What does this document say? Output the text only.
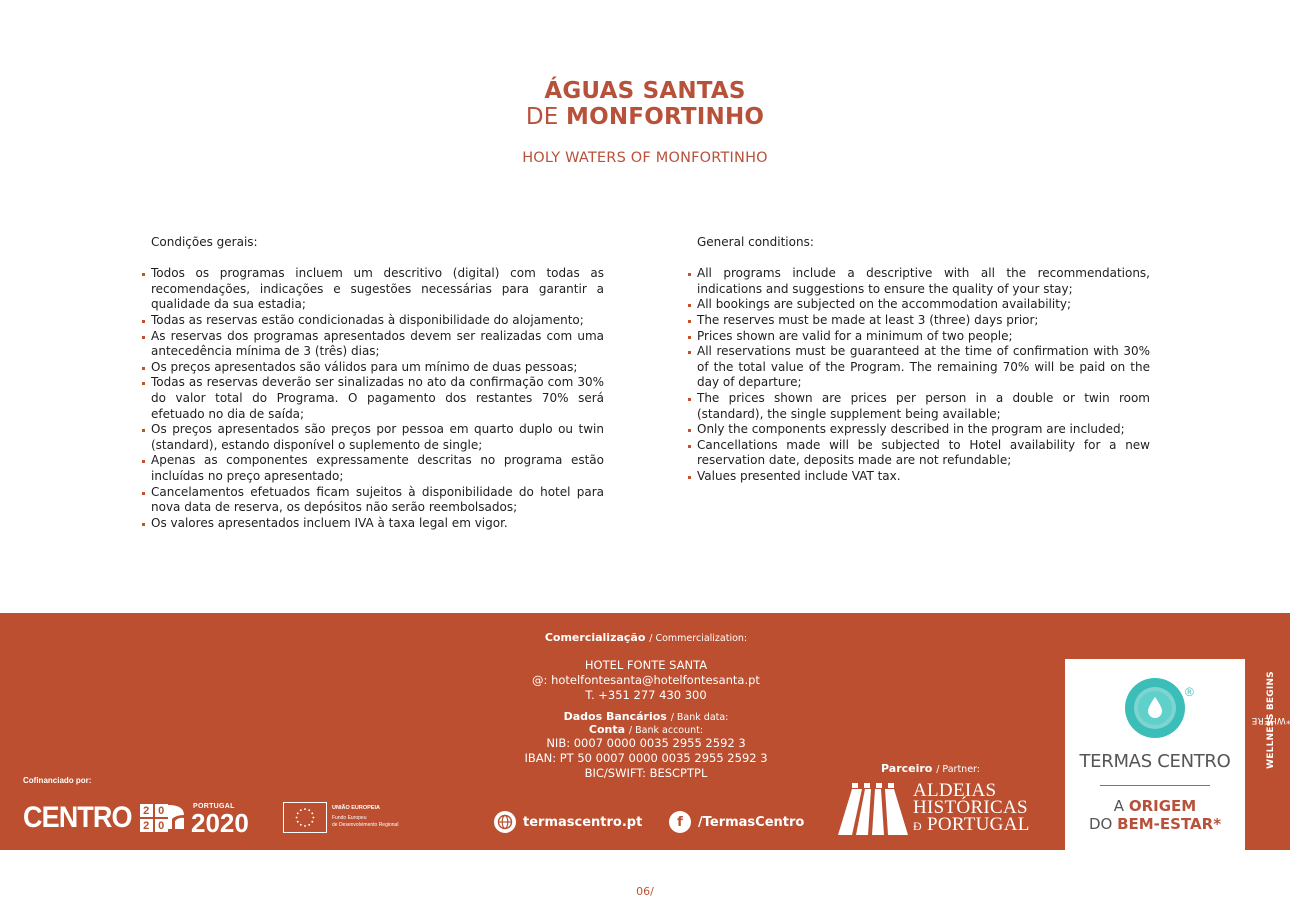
ÁGUAS SANTAS
DE MONFORTINHO
HOLY WATERS OF MONFORTINHO
Condições gerais:
Todos os programas incluem um descritivo (digital) com todas as recomendações, indicações e sugestões necessárias para garantir a qualidade da sua estadia;
Todas as reservas estão condicionadas à disponibilidade do alojamento;
As reservas dos programas apresentados devem ser realizadas com uma antecedência mínima de 3 (três) dias;
Os preços apresentados são válidos para um mínimo de duas pessoas;
Todas as reservas deverão ser sinalizadas no ato da confirmação com 30% do valor total do Programa. O pagamento dos restantes 70% será efetuado no dia de saída;
Os preços apresentados são preços por pessoa em quarto duplo ou twin (standard), estando disponível o suplemento de single;
Apenas as componentes expressamente descritas no programa estão incluídas no preço apresentado;
Cancelamentos efetuados ficam sujeitos à disponibilidade do hotel para nova data de reserva, os depósitos não serão reembolsados;
Os valores apresentados incluem IVA à taxa legal em vigor.
General conditions:
All programs include a descriptive with all the recommendations, indications and suggestions to ensure the quality of your stay;
All bookings are subjected on the accommodation availability;
The reserves must be made at least 3 (three) days prior;
Prices shown are valid for a minimum of two people;
All reservations must be guaranteed at the time of confirmation with 30% of the total value of the Program. The remaining 70% will be paid on the day of departure;
The prices shown are prices per person in a double or twin room (standard), the single supplement being available;
Only the components expressly described in the program are included;
Cancellations made will be subjected to Hotel availability for a new reservation date, deposits made are not refundable;
Values presented include VAT tax.
Comercialização / Commercialization:
HOTEL FONTE SANTA
@: hotelfontesanta@hotelfontesanta.pt
T. +351 277 430 300
Dados Bancários / Bank data:
Conta / Bank account:
NIB: 0007 0000 0035 2955 2592 3
IBAN: PT 50 0007 0000 0035 2955 2592 3
BIC/SWIFT: BESCPTPL
termascentro.pt	f	/TermasCentro
Cofinanciado por:
CENTRO	2 0
2 0
PORTUGAL
2020	UNIÃO EUROPEIA
Fundo Europeu
de Desenvolvimento Regional
Parceiro / Partner:
ALDEIAS
HISTÓRICAS
Ð PORTUGAL
®
TERMAS CENTRO
A ORIGEM
DO BEM-ESTAR*
*WHERE
WELLNESS BEGINS
06/
